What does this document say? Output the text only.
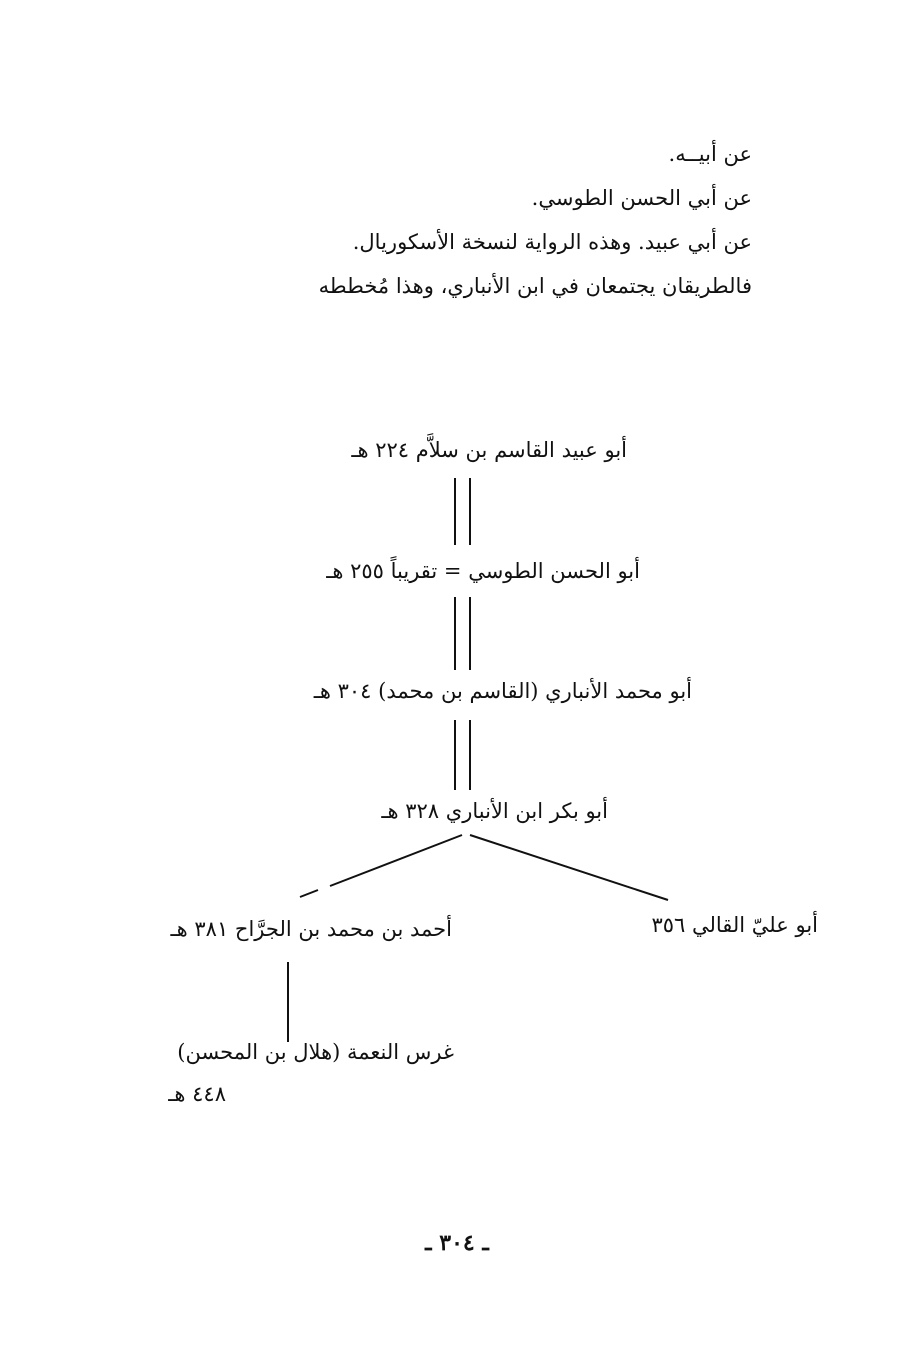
عن أبيــه.

عن أبي الحسن الطوسي.

عن أبي عبيد. وهذه الرواية لنسخة الأسكوريال.

فالطريقان يجتمعان في ابن الأنباري، وهذا مُخططه

أبو عبيد القاسم بن سلاَّم ٢٢٤ هـ
أبو الحسن الطوسي = تقريباً ٢٥٥ هـ
أبو محمد الأنباري (القاسم بن محمد) ٣٠٤ هـ
أبو بكر ابن الأنباري ٣٢٨ هـ
أبو عليّ القالي ٣٥٦
أحمد بن محمد بن الجرَّاح ٣٨١ هـ
غرس النعمة (هلال بن المحسن)
٤٤٨ هـ
ـ ٣٠٤ ـ
